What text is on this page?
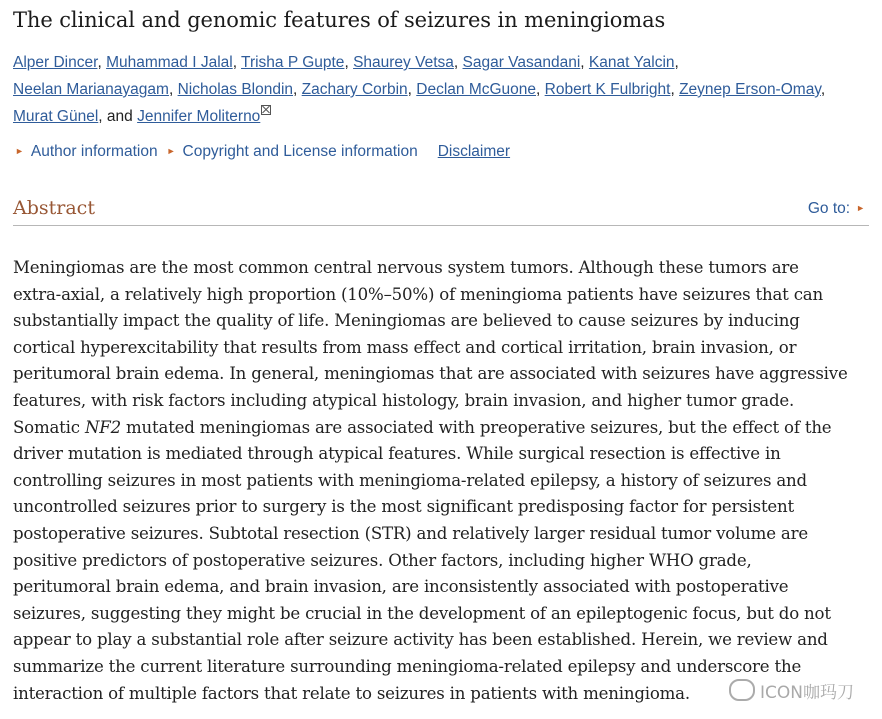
The clinical and genomic features of seizures in meningiomas
Alper Dincer, Muhammad I Jalal, Trisha P Gupte, Shaurey Vetsa, Sagar Vasandani, Kanat Yalcin,
Neelan Marianayagam, Nicholas Blondin, Zachary Corbin, Declan McGuone, Robert K Fulbright, Zeynep Erson-Omay,
Murat Günel, and Jennifer Moliterno
► Author information ► Copyright and License information Disclaimer
Abstract	Go to: ►
Meningiomas are the most common central nervous system tumors. Although these tumors are
extra-axial, a relatively high proportion (10%–50%) of meningioma patients have seizures that can
substantially impact the quality of life. Meningiomas are believed to cause seizures by inducing
cortical hyperexcitability that results from mass effect and cortical irritation, brain invasion, or
peritumoral brain edema. In general, meningiomas that are associated with seizures have aggressive
features, with risk factors including atypical histology, brain invasion, and higher tumor grade.
Somatic NF2 mutated meningiomas are associated with preoperative seizures, but the effect of the
driver mutation is mediated through atypical features. While surgical resection is effective in
controlling seizures in most patients with meningioma-related epilepsy, a history of seizures and
uncontrolled seizures prior to surgery is the most significant predisposing factor for persistent
postoperative seizures. Subtotal resection (STR) and relatively larger residual tumor volume are
positive predictors of postoperative seizures. Other factors, including higher WHO grade,
peritumoral brain edema, and brain invasion, are inconsistently associated with postoperative
seizures, suggesting they might be crucial in the development of an epileptogenic focus, but do not
appear to play a substantial role after seizure activity has been established. Herein, we review and
summarize the current literature surrounding meningioma-related epilepsy and underscore the
interaction of multiple factors that relate to seizures in patients with meningioma.	ICON咖玛刀
